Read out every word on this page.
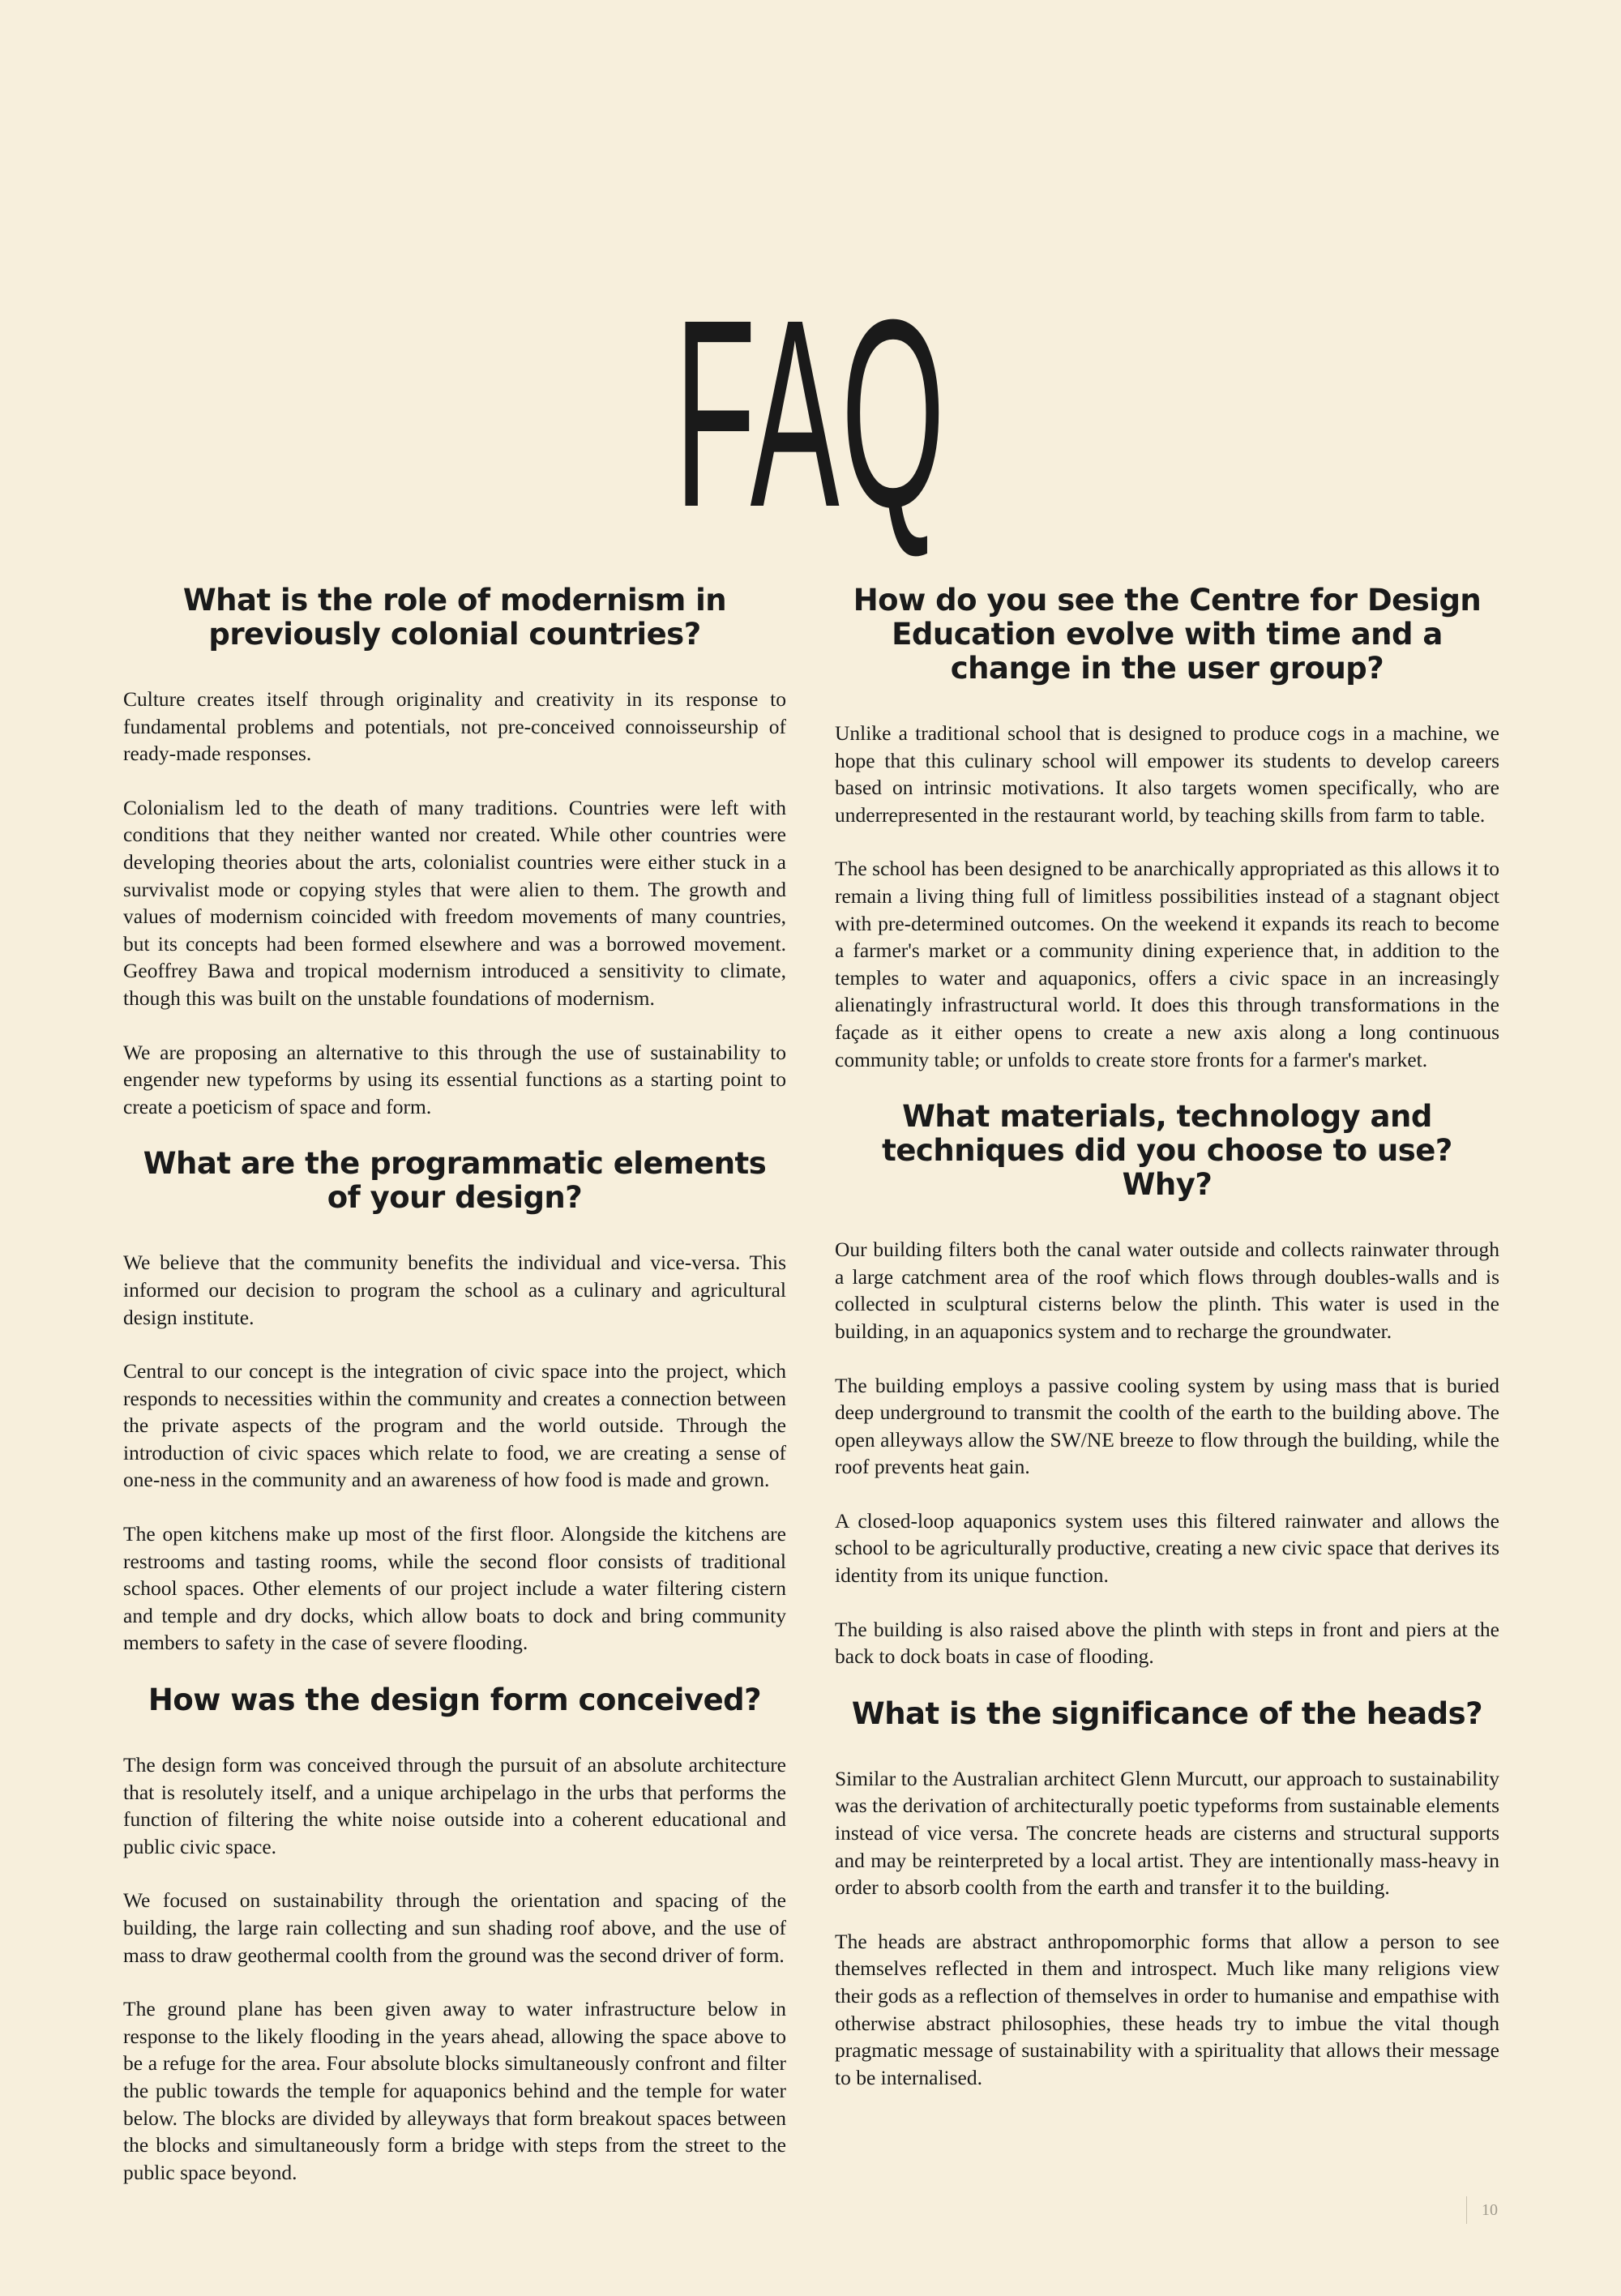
FAQ
What is the role of modernism in previously colonial countries?

Culture creates itself through originality and creativity in its response to fundamental problems and potentials, not pre-conceived connoisseurship of ready-made responses.

Colonialism led to the death of many traditions. Countries were left with conditions that they neither wanted nor created. While other countries were developing theories about the arts, colonialist countries were either stuck in a survivalist mode or copying styles that were alien to them. The growth and values of modernism coincided with freedom movements of many countries, but its concepts had been formed elsewhere and was a borrowed movement. Geoffrey Bawa and tropical modernism introduced a sensitivity to climate, though this was built on the unstable foundations of modernism.

We are proposing an alternative to this through the use of sustainability to engender new typeforms by using its essential functions as a starting point to create a poeticism of space and form.

What are the programmatic elements of your design?

We believe that the community benefits the individual and vice-versa. This informed our decision to program the school as a culinary and agricultural design institute.

Central to our concept is the integration of civic space into the project, which responds to necessities within the community and creates a connection between the private aspects of the program and the world outside. Through the introduction of civic spaces which relate to food, we are creating a sense of one-ness in the community and an awareness of how food is made and grown.

The open kitchens make up most of the first floor. Alongside the kitchens are restrooms and tasting rooms, while the second floor consists of traditional school spaces. Other elements of our project include a water filtering cistern and temple and dry docks, which allow boats to dock and bring community members to safety in the case of severe flooding.

How was the design form conceived?

The design form was conceived through the pursuit of an absolute architecture that is resolutely itself, and a unique archipelago in the urbs that performs the function of filtering the white noise outside into a coherent educational and public civic space.

We focused on sustainability through the orientation and spacing of the building, the large rain collecting and sun shading roof above, and the use of mass to draw geothermal coolth from the ground was the second driver of form.

The ground plane has been given away to water infrastructure below in response to the likely flooding in the years ahead, allowing the space above to be a refuge for the area. Four absolute blocks simultaneously confront and filter the public towards the temple for aquaponics behind and the temple for water below. The blocks are divided by alleyways that form breakout spaces between the blocks and simultaneously form a bridge with steps from the street to the public space beyond.

How do you see the Centre for Design Education evolve with time and a change in the user group?

Unlike a traditional school that is designed to produce cogs in a machine, we hope that this culinary school will empower its students to develop careers based on intrinsic motivations. It also targets women specifically, who are underrepresented in the restaurant world, by teaching skills from farm to table.

The school has been designed to be anarchically appropriated as this allows it to remain a living thing full of limitless possibilities instead of a stagnant object with pre-determined outcomes. On the weekend it expands its reach to become a farmer's market or a community dining experience that, in addition to the temples to water and aquaponics, offers a civic space in an increasingly alienatingly infrastructural world. It does this through transformations in the façade as it either opens to create a new axis along a long continuous community table; or unfolds to create store fronts for a farmer's market.

What materials, technology and techniques did you choose to use? Why?

Our building filters both the canal water outside and collects rainwater through a large catchment area of the roof which flows through doubles-walls and is collected in sculptural cisterns below the plinth. This water is used in the building, in an aquaponics system and to recharge the groundwater.

The building employs a passive cooling system by using mass that is buried deep underground to transmit the coolth of the earth to the building above. The open alleyways allow the SW/NE breeze to flow through the building, while the roof prevents heat gain.

A closed-loop aquaponics system uses this filtered rainwater and allows the school to be agriculturally productive, creating a new civic space that derives its identity from its unique function.

The building is also raised above the plinth with steps in front and piers at the back to dock boats in case of flooding.

What is the significance of the heads?

Similar to the Australian architect Glenn Murcutt, our approach to sustainability was the derivation of architecturally poetic typeforms from sustainable elements instead of vice versa. The concrete heads are cisterns and structural supports and may be reinterpreted by a local artist. They are intentionally mass-heavy in order to absorb coolth from the earth and transfer it to the building.

The heads are abstract anthropomorphic forms that allow a person to see themselves reflected in them and introspect. Much like many religions view their gods as a reflection of themselves in order to humanise and empathise with otherwise abstract philosophies, these heads try to imbue the vital though pragmatic message of sustainability with a spirituality that allows their message to be internalised.

10
